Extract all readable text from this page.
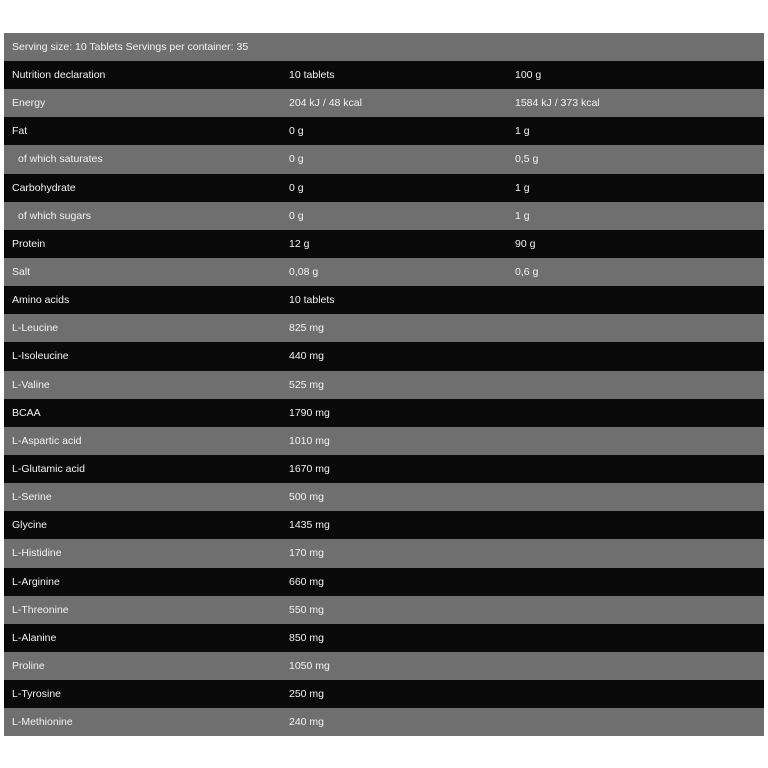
Serving size: 10 Tablets Servings per container: 35
Nutrition declaration	10 tablets	100 g
Energy	204 kJ / 48 kcal	1584 kJ / 373 kcal
Fat	0 g	1 g
of which saturates	0 g	0,5 g
Carbohydrate	0 g	1 g
of which sugars	0 g	1 g
Protein	12 g	90 g
Salt	0,08 g	0,6 g
Amino acids	10 tablets
L-Leucine	825 mg
L-Isoleucine	440 mg
L-Valine	525 mg
BCAA	1790 mg
L-Aspartic acid	1010 mg
L-Glutamic acid	1670 mg
L-Serine	500 mg
Glycine	1435 mg
L-Histidine	170 mg
L-Arginine	660 mg
L-Threonine	550 mg
L-Alanine	850 mg
Proline	1050 mg
L-Tyrosine	250 mg
L-Methionine	240 mg
